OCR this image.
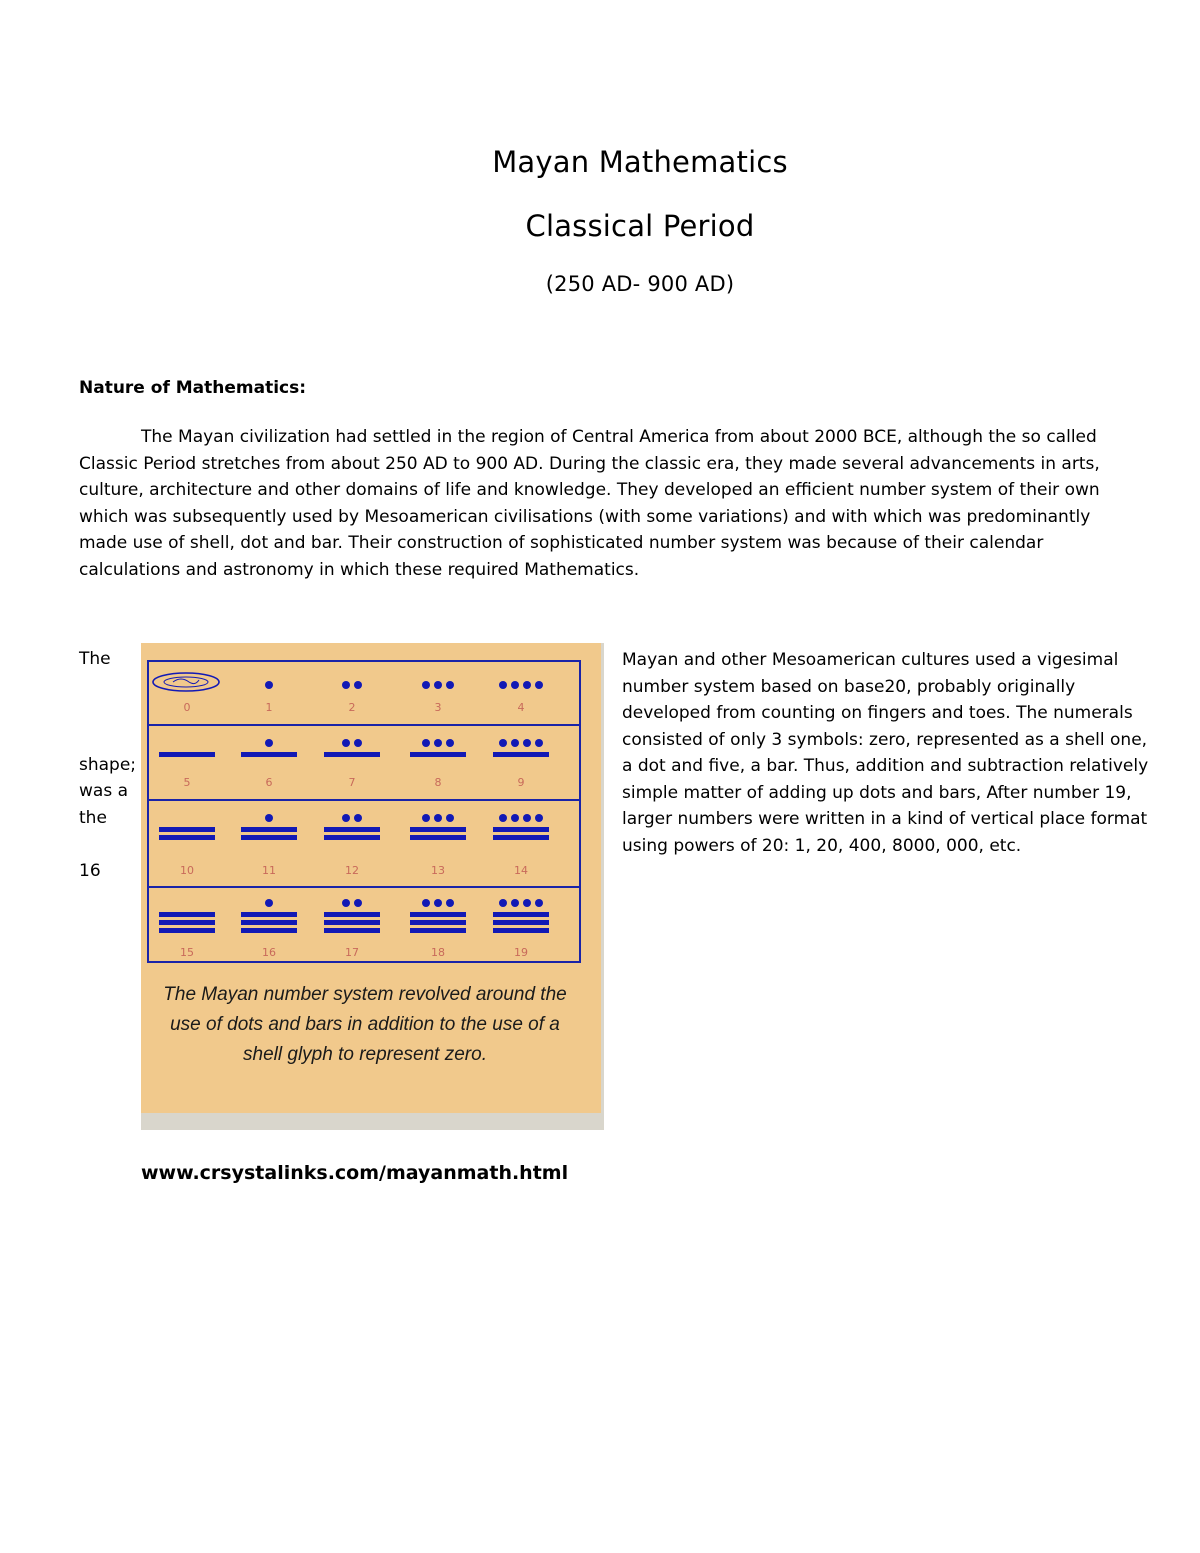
Mayan Mathematics
Classical Period
(250 AD- 900 AD)
Nature of Mathematics:

The Mayan civilization had settled in the region of Central America from about 2000 BCE, although the so called Classic Period stretches from about 250 AD to 900 AD. During the classic era, they made several advancements in arts, culture, architecture and other domains of life and knowledge. They developed an efficient number system of their own which was subsequently used by Mesoamerican civilisations (with some variations) and with which was predominantly made use of shell, dot and bar. Their construction of sophisticated number system was because of their calendar calculations and astronomy in which these required Mathematics.

The
shape;
was a
the
16

Mayan and other Mesoamerican cultures used a vigesimal number system based on base20, probably originally developed from counting on fingers and toes. The numerals consisted of only 3 symbols: zero, represented as a shell one, a dot and five, a bar. Thus, addition and subtraction relatively simple matter of adding up dots and bars, After number 19, larger numbers were written in a kind of vertical place format using powers of 20: 1, 20, 400, 8000, 000, etc.

0	1	2	3	4
5	6	7	8	9
10	11	12	13	14
15	16	17	18	19
The Mayan number system revolved around the use of dots and bars in addition to the use of a shell glyph to represent zero.
www.crsystalinks.com/mayanmath.html
